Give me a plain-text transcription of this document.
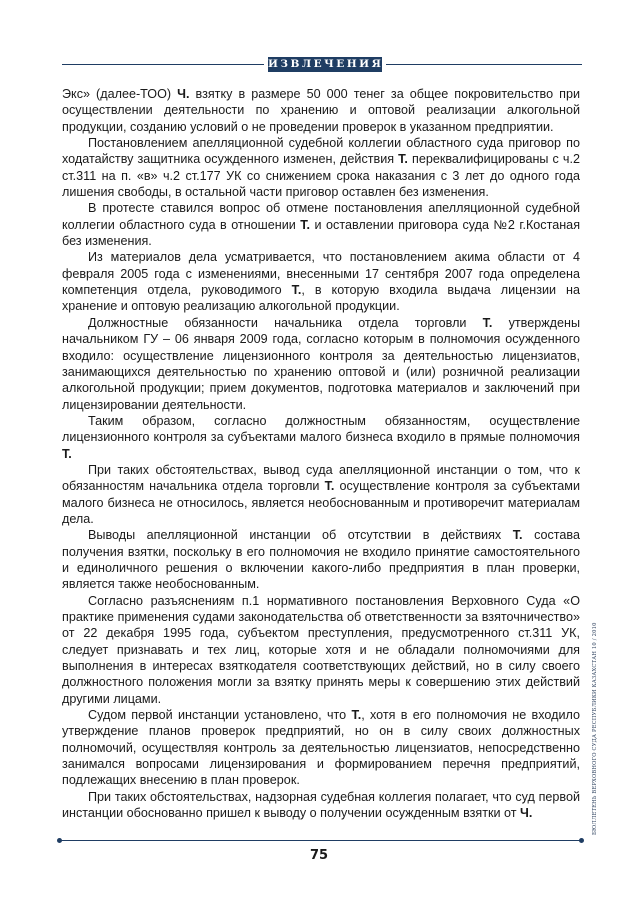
ИЗВЛЕЧЕНИЯ

Экс» (далее-ТОО) Ч. взятку в размере 50 000 тенег за общее покровительство при осуществлении деятельности по хранению и оптовой реализации алкогольной продукции, созданию условий о не проведении проверок в указанном предприятии.

Постановлением апелляционной судебной коллегии областного суда приговор по ходатайству защитника осужденного изменен, действия Т. переквалифицированы с ч.2 ст.311 на п. «в» ч.2 ст.177 УК со снижением срока наказания с 3 лет до одного года лишения свободы, в остальной части приговор оставлен без изменения.

В протесте ставился вопрос об отмене постановления апелляционной судебной коллегии областного суда в отношении Т. и оставлении приговора суда №2 г.Костаная без изменения.

Из материалов дела усматривается, что постановлением акима области от 4 февраля 2005 года с изменениями, внесенными 17 сентября 2007 года определена компетенция отдела, руководимого Т., в которую входила выдача лицензии на хранение и оптовую реализацию алкогольной продукции.

Должностные обязанности начальника отдела торговли Т. утверждены начальником ГУ – 06 января 2009 года, согласно которым в полномочия осужденного входило: осуществление лицензионного контроля за деятельностью лицензиатов, занимающихся деятельностью по хранению оптовой и (или) розничной реализации алкогольной продукции; прием документов, подготовка материалов и заключений при лицензировании деятельности.

Таким образом, согласно должностным обязанностям, осуществление лицензионного контроля за субъектами малого бизнеса входило в прямые полномочия Т.

При таких обстоятельствах, вывод суда апелляционной инстанции о том, что к обязанностям начальника отдела торговли Т. осуществление контроля за субъектами малого бизнеса не относилось, является необоснованным и противоречит материалам дела.

Выводы апелляционной инстанции об отсутствии в действиях Т. состава получения взятки, поскольку в его полномочия не входило принятие самостоятельного и единоличного решения о включении какого-либо предприятия в план проверки, является также необоснованным.

Согласно разъяснениям п.1 нормативного постановления Верховного Суда «О практике применения судами законодательства об ответственности за взяточничество» от 22 декабря 1995 года, субъектом преступления, предусмотренного ст.311 УК, следует признавать и тех лиц, которые хотя и не обладали полномочиями для выполнения в интересах взяткодателя соответствующих действий, но в силу своего должностного положения могли за взятку принять меры к совершению этих действий другими лицами.

Судом первой инстанции установлено, что Т., хотя в его полномочия не входило утверждение планов проверок предприятий, но он в силу своих должностных полномочий, осуществляя контроль за деятельностью лицензиатов, непосредственно занимался вопросами лицензирования и формированием перечня предприятий, подлежащих внесению в план проверок.

При таких обстоятельствах, надзорная судебная коллегия полагает, что суд первой инстанции обоснованно пришел к выводу о получении осужденным взятки от Ч.

75
БЮЛЛЕТЕНЬ ВЕРХОВНОГО СУДА РЕСПУБЛИКИ КАЗАХСТАН 10 / 2010
